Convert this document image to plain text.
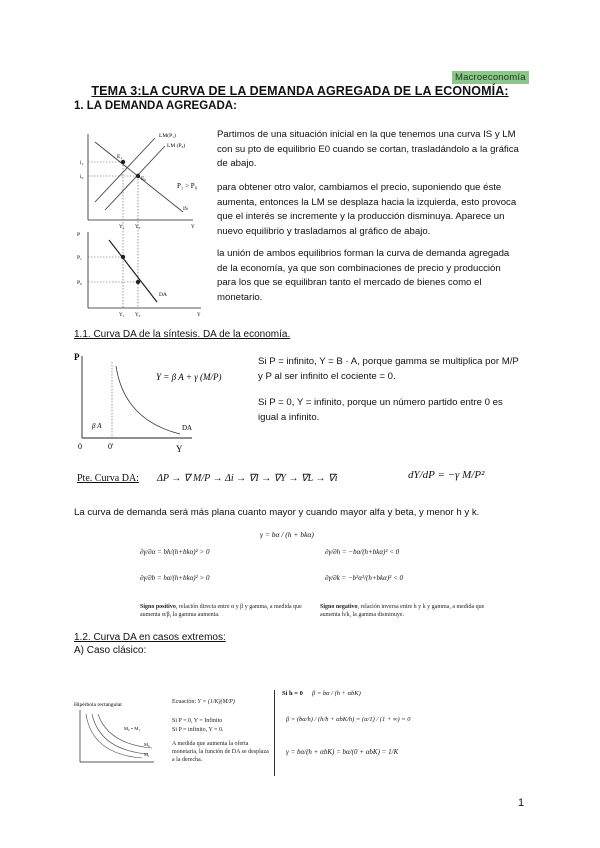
Macroeconomía
TEMA 3:LA CURVA DE LA DEMANDA AGREGADA DE LA ECONOMÍA:
1. LA DEMANDA AGREGADA:
LM(P₁)
LM (P₀)
E₁
E₀
i₁
i₀
P₁ > P₀
IS
Y₁ Y₀	Y
P
P₁
P₀
DA
Y₁ Y₀	Y
Partimos de una situación inicial en la que tenemos una curva IS y LM con su pto de equilibrio E0 cuando se cortan, trasladándolo a la gráfica de abajo.
para obtener otro valor, cambiamos el precio, suponiendo que éste aumenta, entonces la LM se desplaza hacia la izquierda, esto provoca que el interés se incremente y la producción disminuya. Aparece un nuevo equilibrio y trasladamos al gráfico de abajo.
la unión de ambos equilibrios forman la curva de demanda agregada de la economía, ya que son combinaciones de precio y producción para los que se equilibran tanto el mercado de bienes como el monetario.
1.1. Curva DA de la síntesis. DA de la economía.
P
β A	DA
0	0'	Y
Y = β A + γ (M/P)
Si P = infinito, Y = B · A, porque gamma se multiplica por M/P y P al ser infinito el cociente = 0.
Si P = 0, Y = infinito, porque un número partido entre 0 es igual a infinito.
Pte. Curva DA: ΔP → ∇ M/P → Δi → ∇I → ∇Y → ∇L → ∇i	dY/dP = −γ M/P²
La curva de demanda será más plana cuanto mayor y cuando mayor alfa y beta, y menor h y k.
γ = bα / (h + bkα)
∂γ/∂α = bh/(h+bkα)² > 0
∂γ/∂b = hα/(h+bkα)² > 0
∂γ/∂h = −bα/(h+bkα)² < 0
∂γ/∂k = −b²α²/(h+bkα)² < 0
Signo positivo, relación directa entre α y β y gamma, a medida que aumenta α/β, la gamma aumenta.
Signo negativo, relación inversa entre h y k y gamma, a medida que aumenta h/k, la gamma disminuye.
1.2. Curva DA en casos extremos:
A) Caso clásico:
Hipérbola rectangular
M₀ = M₁
M₀
M₁
Ecuación: Y = (1/K)(M/P)
Si P = 0, Y = Infinito
Si P = infinito, Y = 0.
A medida que aumenta la oferta monetaria, la función de DA se desplaza a la derecha.
Si h = 0 β = bα / (h + αbK)
β = (bα/h) / (h/h + αbK/h) = (α/1) / (1 + ∞) = 0
γ = bα/(h + αbK) = bα/(0 + αbK) = 1/K
1
